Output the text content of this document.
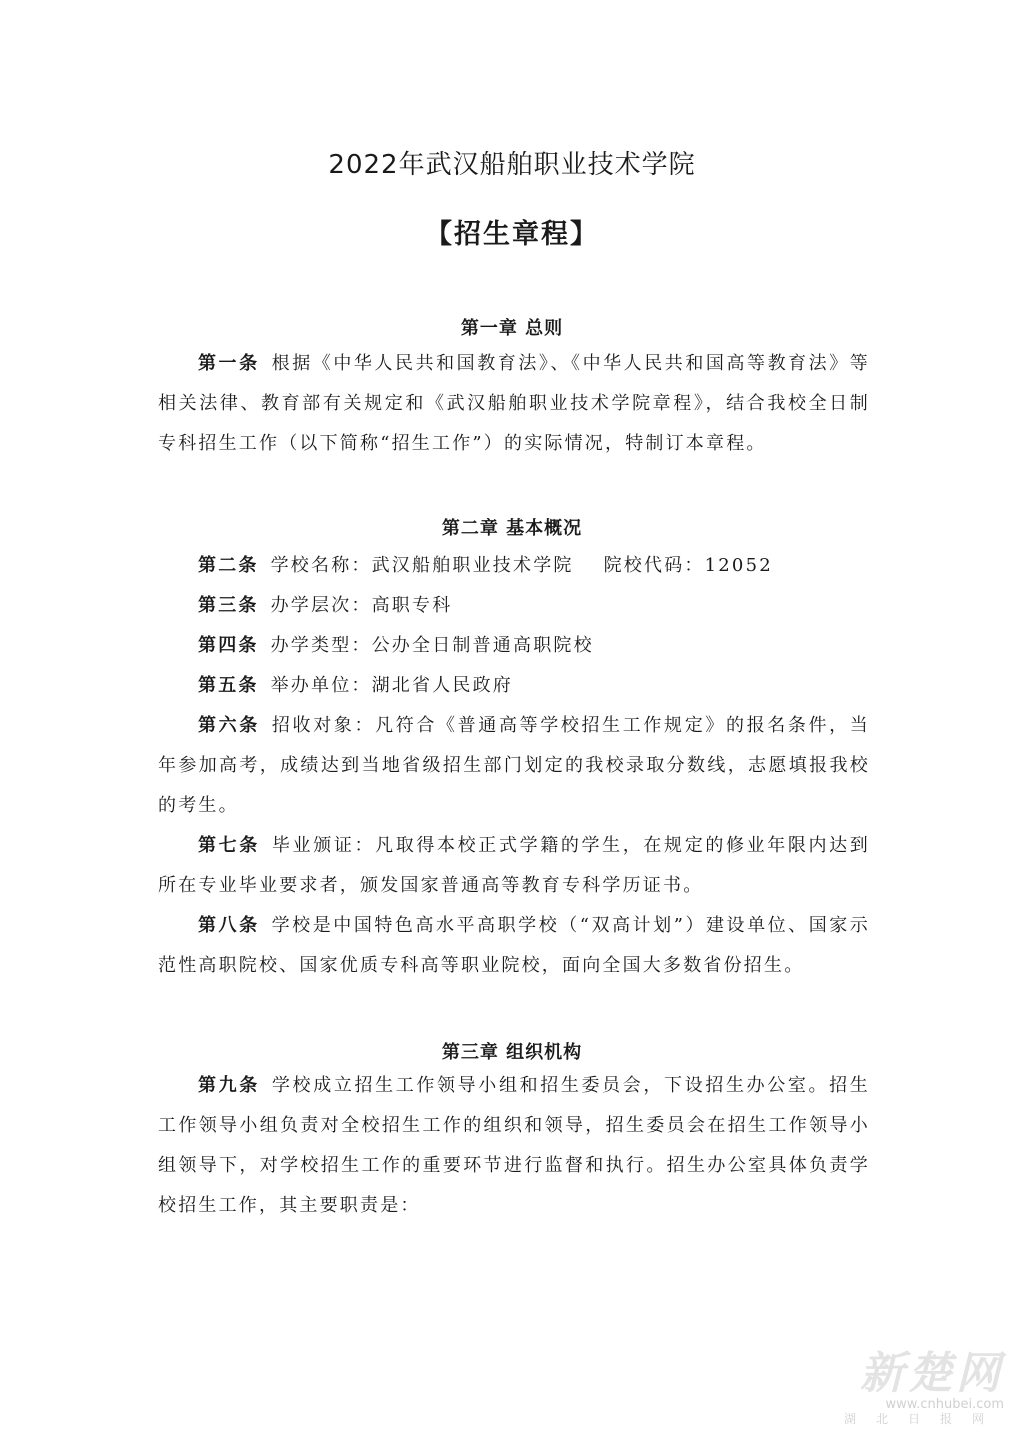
2022年武汉船舶职业技术学院
【招生章程】
第一章 总则
第一条 根据《中华人民共和国教育法》、《中华人民共和国高等教育法》等相关法律、教育部有关规定和《武汉船舶职业技术学院章程》，结合我校全日制专科招生工作（以下简称“招生工作”）的实际情况，特制订本章程。
第二章 基本概况
第二条 学校名称：武汉船舶职业技术学院 院校代码：12052
第三条 办学层次：高职专科
第四条 办学类型：公办全日制普通高职院校
第五条 举办单位：湖北省人民政府
第六条 招收对象：凡符合《普通高等学校招生工作规定》的报名条件，当年参加高考，成绩达到当地省级招生部门划定的我校录取分数线，志愿填报我校的考生。
第七条 毕业颁证：凡取得本校正式学籍的学生，在规定的修业年限内达到所在专业毕业要求者，颁发国家普通高等教育专科学历证书。
第八条 学校是中国特色高水平高职学校（“双高计划”）建设单位、国家示范性高职院校、国家优质专科高等职业院校，面向全国大多数省份招生。
第三章 组织机构
第九条 学校成立招生工作领导小组和招生委员会，下设招生办公室。招生工作领导小组负责对全校招生工作的组织和领导，招生委员会在招生工作领导小组领导下，对学校招生工作的重要环节进行监督和执行。招生办公室具体负责学校招生工作，其主要职责是：
新楚网
www.cnhubei.com
湖北日报网
